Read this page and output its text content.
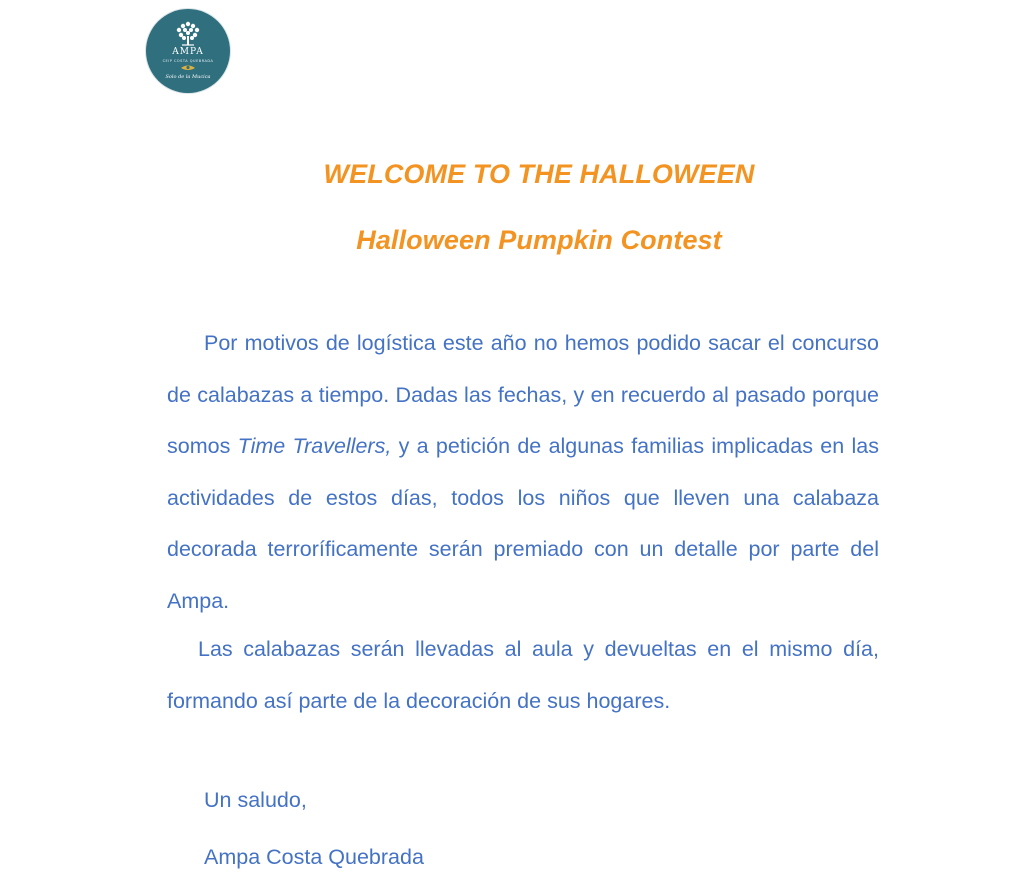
AMPA
CEIP COSTA QUEBRADA
Solo de la Mucica
WELCOME TO THE HALLOWEEN
Halloween Pumpkin Contest

Por motivos de logística este año no hemos podido sacar el concurso de calabazas a tiempo. Dadas las fechas, y en recuerdo al pasado porque somos Time Travellers, y a petición de algunas familias implicadas en las actividades de estos días, todos los niños que lleven una calabaza decorada terroríficamente serán premiado con un detalle por parte del Ampa.

Las calabazas serán llevadas al aula y devueltas en el mismo día, formando así parte de la decoración de sus hogares.

Un saludo,

Ampa Costa Quebrada
